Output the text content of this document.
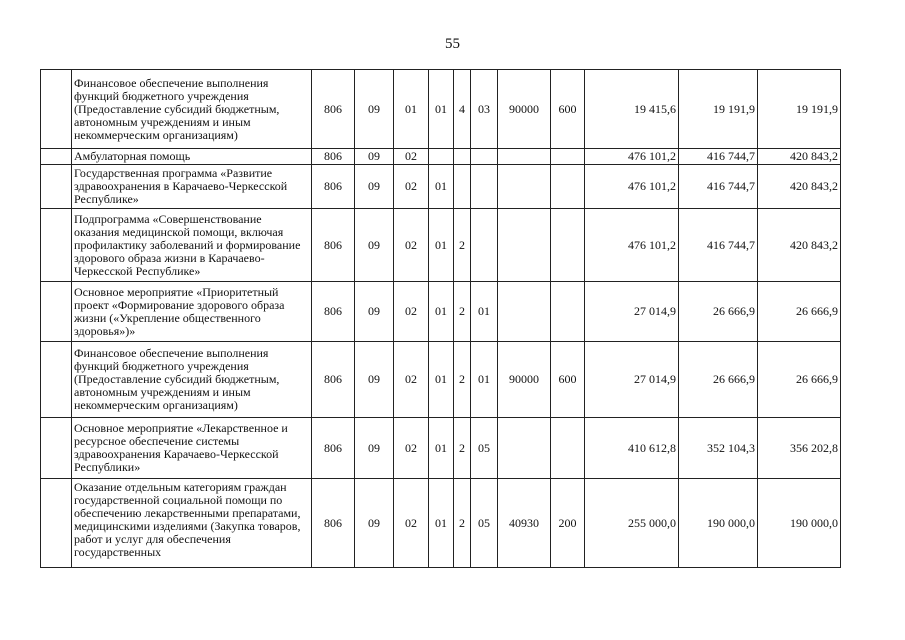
55
	Финансовое обеспечение выполнения функций бюджетного учреждения (Предоставление субсидий бюджетным, автономным учреждениям и иным некоммерческим организациям)	806	09	01	01	4	03	90000	600	19 415,6	19 191,9	19 191,9
	Амбулаторная помощь	806	09	02						476 101,2	416 744,7	420 843,2
	Государственная программа «Развитие здравоохранения в Карачаево-Черкесской Республике»	806	09	02	01					476 101,2	416 744,7	420 843,2
	Подпрограмма «Совершенствование оказания медицинской помощи, включая профилактику заболеваний и формирование здорового образа жизни в Карачаево-Черкесской Республике»	806	09	02	01	2				476 101,2	416 744,7	420 843,2
	Основное мероприятие «Приоритетный проект «Формирование здорового образа жизни («Укрепление общественного здоровья»)»	806	09	02	01	2	01			27 014,9	26 666,9	26 666,9
	Финансовое обеспечение выполнения функций бюджетного учреждения (Предоставление субсидий бюджетным, автономным учреждениям и иным некоммерческим организациям)	806	09	02	01	2	01	90000	600	27 014,9	26 666,9	26 666,9
	Основное мероприятие «Лекарственное и ресурсное обеспечение системы здравоохранения Карачаево-Черкесской Республики»	806	09	02	01	2	05			410 612,8	352 104,3	356 202,8

	Оказание отдельным категориям граждан государственной социальной помощи по обеспечению лекарственными препаратами, медицинскими изделиями (Закупка товаров, работ и услуг для обеспечения государственных	806	09	02	01	2	05	40930	200	255 000,0	190 000,0	190 000,0
